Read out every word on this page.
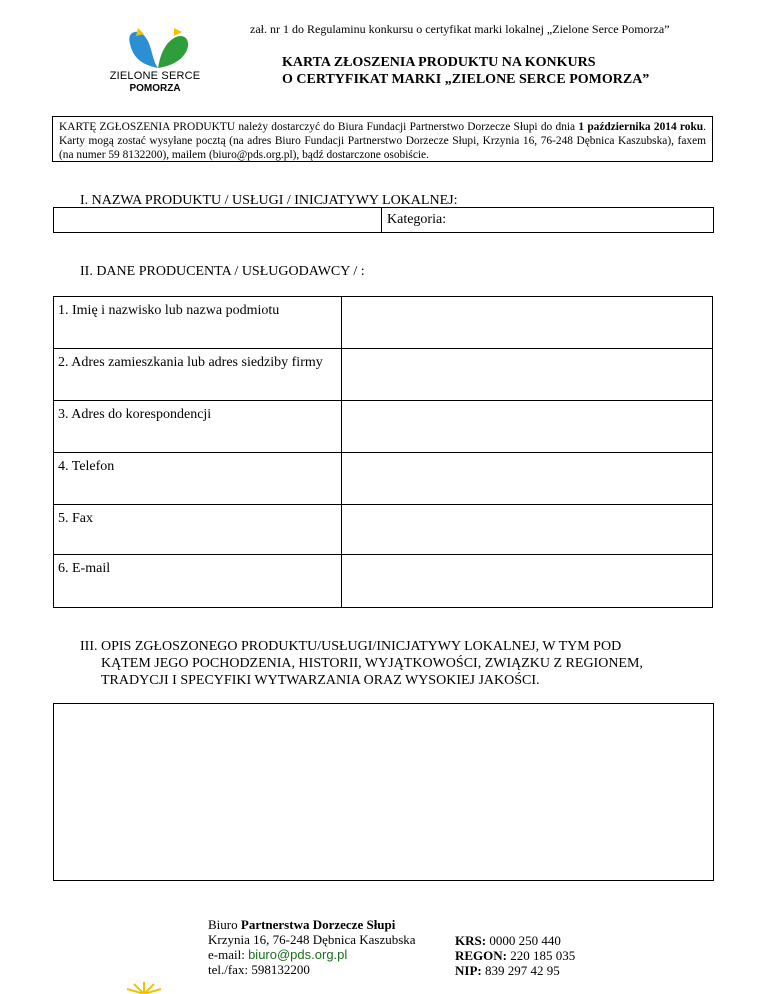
zał. nr 1 do Regulaminu konkursu o certyfikat marki lokalnej „Zielone Serce Pomorza”
ZIELONE SERCE
POMORZA
KARTA ZŁOSZENIA PRODUKTU NA KONKURS
O CERTYFIKAT MARKI „ZIELONE SERCE POMORZA”
KARTĘ ZGŁOSZENIA PRODUKTU należy dostarczyć do Biura Fundacji Partnerstwo Dorzecze Słupi do dnia 1 października 2014 roku. Karty mogą zostać wysyłane pocztą (na adres Biuro Fundacji Partnerstwo Dorzecze Słupi, Krzynia 16, 76-248 Dębnica Kaszubska), faxem (na numer 59 8132200), mailem (biuro@pds.org.pl), bądź dostarczone osobiście.
I. NAZWA PRODUKTU / USŁUGI / INICJATYWY LOKALNEJ:
Kategoria:
II. DANE PRODUCENTA / USŁUGODAWCY / :
1. Imię i nazwisko lub nazwa podmiotu	
2. Adres zamieszkania lub adres siedziby firmy	
3. Adres do korespondencji	
4. Telefon	
5. Fax	
6. E-mail	
III. OPIS ZGŁOSZONEGO PRODUKTU/USŁUGI/INICJATYWY LOKALNEJ, W TYM POD
KĄTEM JEGO POCHODZENIA, HISTORII, WYJĄTKOWOŚCI, ZWIĄZKU Z REGIONEM,
TRADYCJI I SPECYFIKI WYTWARZANIA ORAZ WYSOKIEJ JAKOŚCI.
Biuro Partnerstwa Dorzecze Słupi
Krzynia 16, 76-248 Dębnica Kaszubska
e-mail: biuro@pds.org.pl
tel./fax: 598132200
KRS: 0000 250 440
REGON: 220 185 035
NIP: 839 297 42 95
